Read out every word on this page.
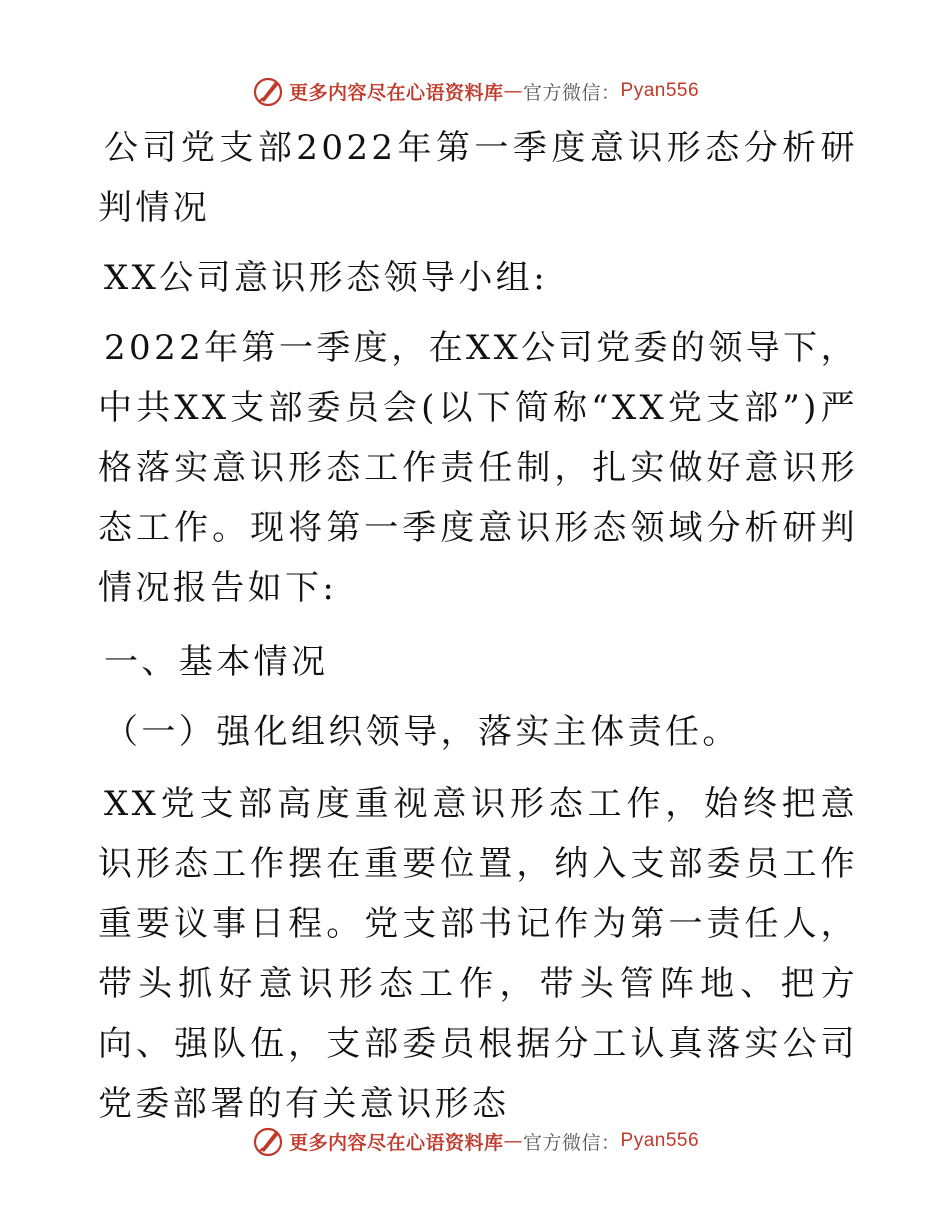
更多内容尽在心语资料库 — 官方微信 ： Pyan556

公司党支部2022年第一季度意识形态分析研判情况

XX公司意识形态领导小组:

2022年第一季度，在XX公司党委的领导下，中共XX支部委员会(以下简称“XX党支部”)严格落实意识形态工作责任制，扎实做好意识形态工作。现将第一季度意识形态领域分析研判情况报告如下:

一、基本情况

（一）强化组织领导，落实主体责任。

XX党支部高度重视意识形态工作，始终把意识形态工作摆在重要位置，纳入支部委员工作重要议事日程。党支部书记作为第一责任人，带头抓好意识形态工作，带头管阵地、把方向、强队伍，支部委员根据分工认真落实公司党委部署的有关意识形态

更多内容尽在心语资料库 — 官方微信 ： Pyan556
